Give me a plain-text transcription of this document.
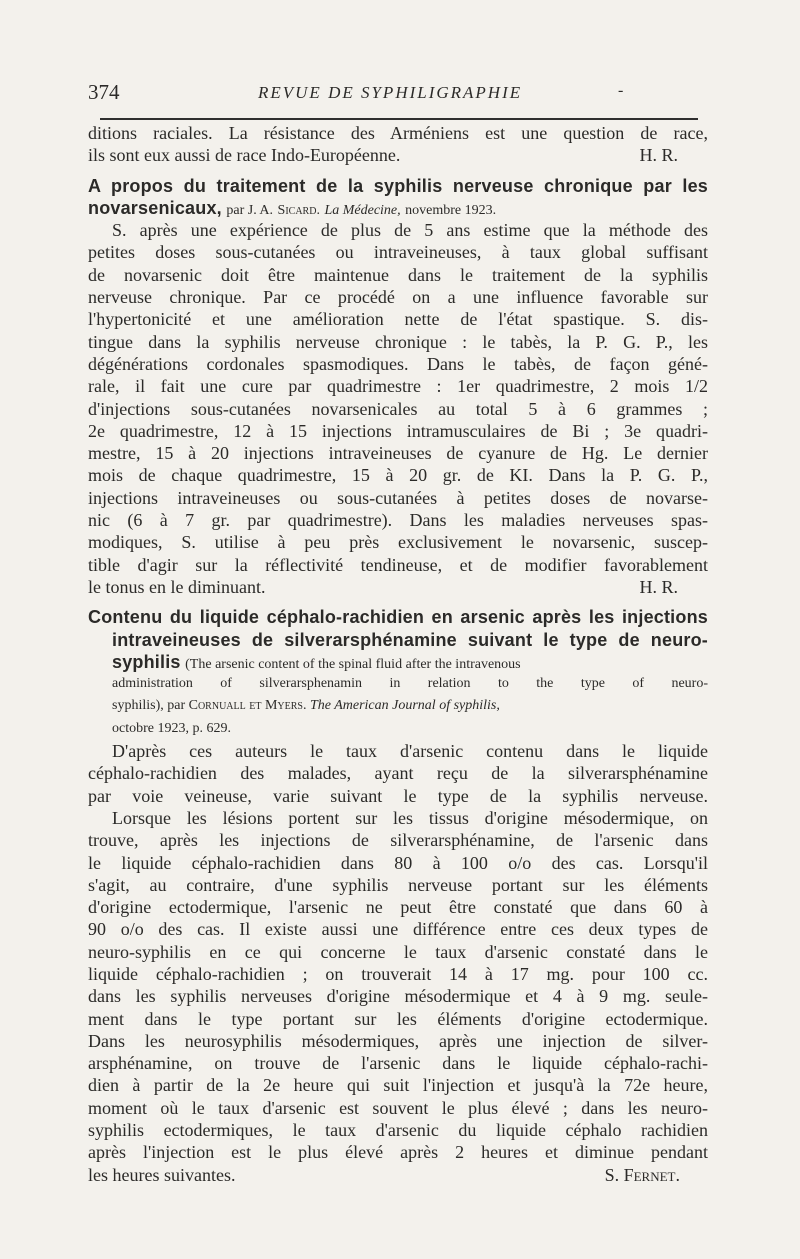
374	REVUE DE SYPHILIGRAPHIE	-
ditions raciales. La résistance des Arméniens est une question de race,
ils sont eux aussi de race Indo-Européenne.	H. R.
A propos du traitement de la syphilis nerveuse chronique par les
novarsenicaux, par J. A. Sicard. La Médecine, novembre 1923.
S. après une expérience de plus de 5 ans estime que la méthode des
petites doses sous-cutanées ou intraveineuses, à taux global suffisant
de novarsenic doit être maintenue dans le traitement de la syphilis
nerveuse chronique. Par ce procédé on a une influence favorable sur
l'hypertonicité et une amélioration nette de l'état spastique. S. dis-
tingue dans la syphilis nerveuse chronique : le tabès, la P. G. P., les
dégénérations cordonales spasmodiques. Dans le tabès, de façon géné-
rale, il fait une cure par quadrimestre : 1er quadrimestre, 2 mois 1/2
d'injections sous-cutanées novarsenicales au total 5 à 6 grammes ;
2e quadrimestre, 12 à 15 injections intramusculaires de Bi ; 3e quadri-
mestre, 15 à 20 injections intraveineuses de cyanure de Hg. Le dernier
mois de chaque quadrimestre, 15 à 20 gr. de KI. Dans la P. G. P.,
injections intraveineuses ou sous-cutanées à petites doses de novarse-
nic (6 à 7 gr. par quadrimestre). Dans les maladies nerveuses spas-
modiques, S. utilise à peu près exclusivement le novarsenic, suscep-
tible d'agir sur la réflectivité tendineuse, et de modifier favorablement
le tonus en le diminuant.	H. R.
Contenu du liquide céphalo-rachidien en arsenic après les injections
intraveineuses de silverarsphénamine suivant le type de neuro-
syphilis (The arsenic content of the spinal fluid after the intravenous
administration of silverarsphenamin in relation to the type of neuro-
syphilis), par Cornuall et Myers. The American Journal of syphilis,
octobre 1923, p. 629.
D'après ces auteurs le taux d'arsenic contenu dans le liquide
céphalo-rachidien des malades, ayant reçu de la silverarsphénamine
par voie veineuse, varie suivant le type de la syphilis nerveuse.
Lorsque les lésions portent sur les tissus d'origine mésodermique, on
trouve, après les injections de silverarsphénamine, de l'arsenic dans
le liquide céphalo-rachidien dans 80 à 100 o/o des cas. Lorsqu'il
s'agit, au contraire, d'une syphilis nerveuse portant sur les éléments
d'origine ectodermique, l'arsenic ne peut être constaté que dans 60 à
90 o/o des cas. Il existe aussi une différence entre ces deux types de
neuro-syphilis en ce qui concerne le taux d'arsenic constaté dans le
liquide céphalo-rachidien ; on trouverait 14 à 17 mg. pour 100 cc.
dans les syphilis nerveuses d'origine mésodermique et 4 à 9 mg. seule-
ment dans le type portant sur les éléments d'origine ectodermique.
Dans les neurosyphilis mésodermiques, après une injection de silver-
arsphénamine, on trouve de l'arsenic dans le liquide céphalo-rachi-
dien à partir de la 2e heure qui suit l'injection et jusqu'à la 72e heure,
moment où le taux d'arsenic est souvent le plus élevé ; dans les neuro-
syphilis ectodermiques, le taux d'arsenic du liquide céphalo rachidien
après l'injection est le plus élevé après 2 heures et diminue pendant
les heures suivantes.	S. Fernet.
